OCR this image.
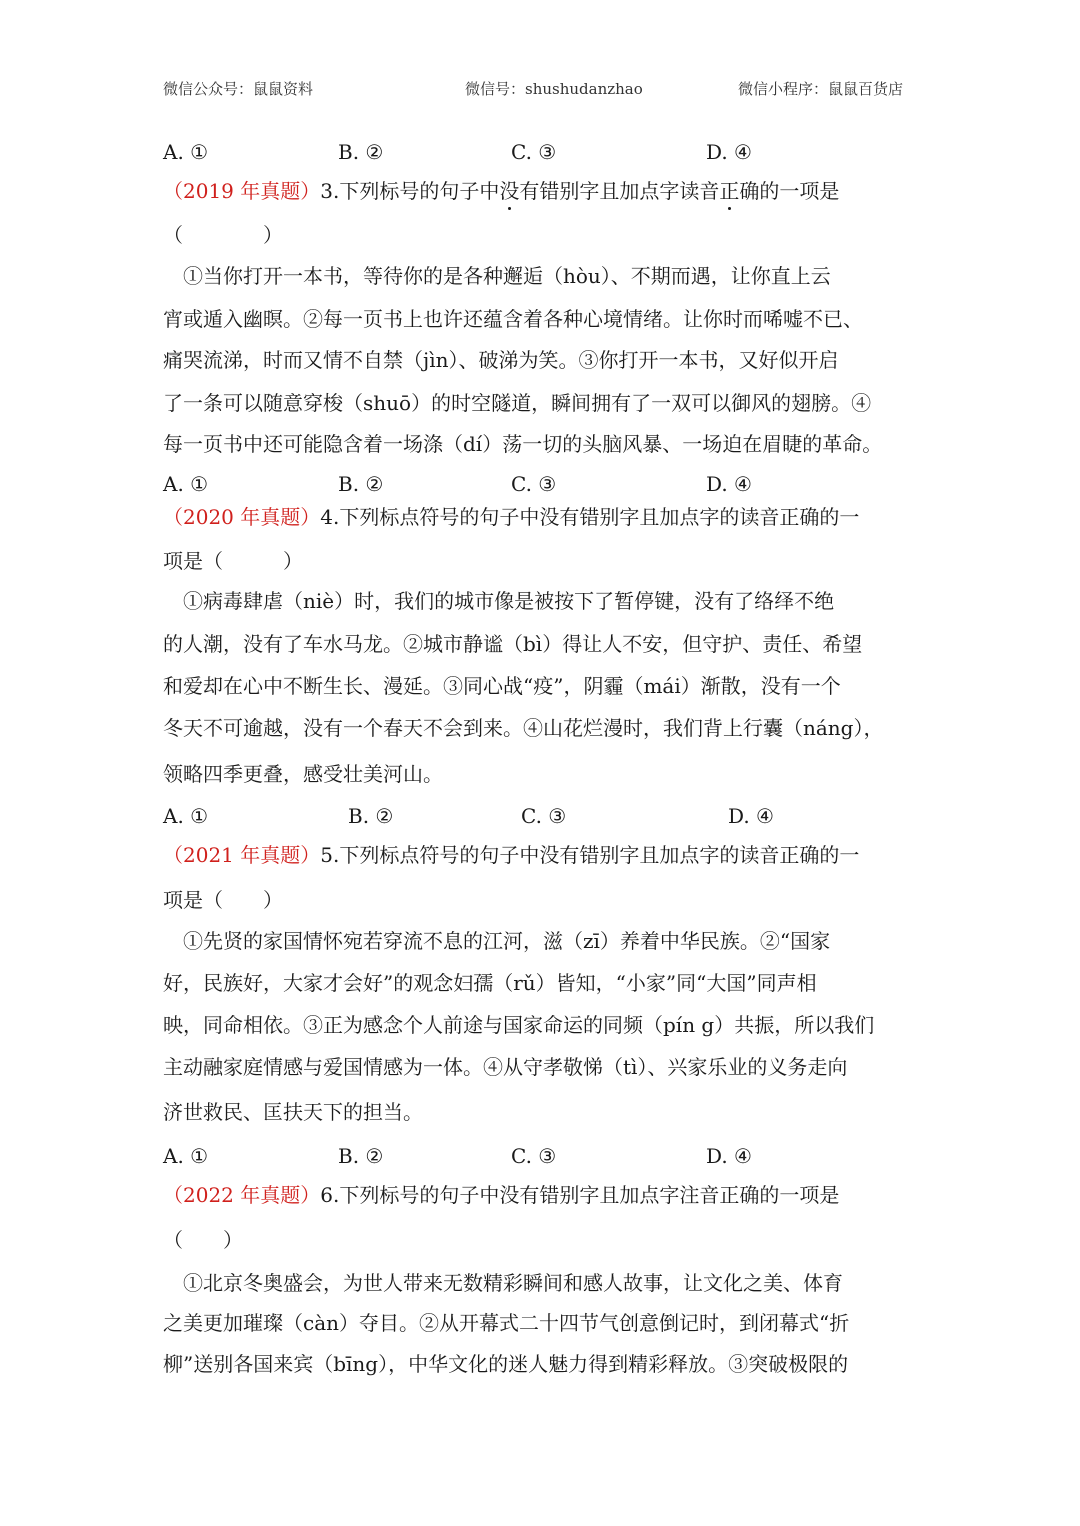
微信公众号：鼠鼠资料	微信号：shushudanzhao	微信小程序：鼠鼠百货店
A. ①	B. ②	C. ③	D. ④
（2019 年真题）3.下列标号的句子中没有错别字且加点字读音正确的一项是
（　　　　）
　①当你打开一本书，等待你的是各种邂逅（hòu）、不期而遇，让你直上云
宵或遁入幽暝。②每一页书上也许还蕴含着各种心境情绪。让你时而唏嘘不已、
痛哭流涕，时而又情不自禁（jìn）、破涕为笑。③你打开一本书，又好似开启
了一条可以随意穿梭（shuō）的时空隧道，瞬间拥有了一双可以御风的翅膀。④
每一页书中还可能隐含着一场涤（dí）荡一切的头脑风暴、一场迫在眉睫的革命。
A. ①	B. ②	C. ③	D. ④
（2020 年真题）4.下列标点符号的句子中没有错别字且加点字的读音正确的一
项是（　　　）
　①病毒肆虐（niè）时，我们的城市像是被按下了暂停键，没有了络绎不绝
的人潮，没有了车水马龙。②城市静谧（bì）得让人不安，但守护、责任、希望
和爱却在心中不断生长、漫延。③同心战“疫”，阴霾（mái）渐散，没有一个
冬天不可逾越，没有一个春天不会到来。④山花烂漫时，我们背上行囊（náng），
领略四季更叠，感受壮美河山。
A. ①	B. ②	C. ③	D. ④
（2021 年真题）5.下列标点符号的句子中没有错别字且加点字的读音正确的一
项是（　　）
　①先贤的家国情怀宛若穿流不息的江河，滋（zī）养着中华民族。②“国家
好，民族好，大家才会好”的观念妇孺（rǔ）皆知，“小家”同“大国”同声相
映，同命相依。③正为感念个人前途与国家命运的同频（pín g）共振，所以我们
主动融家庭情感与爱国情感为一体。④从守孝敬悌（tì）、兴家乐业的义务走向
济世救民、匡扶天下的担当。
A. ①	B. ②	C. ③	D. ④
（2022 年真题）6.下列标号的句子中没有错别字且加点字注音正确的一项是
（　　）
　①北京冬奥盛会，为世人带来无数精彩瞬间和感人故事，让文化之美、体育
之美更加璀璨（càn）夺目。②从开幕式二十四节气创意倒记时，到闭幕式“折
柳”送别各国来宾（bīng），中华文化的迷人魅力得到精彩释放。③突破极限的
